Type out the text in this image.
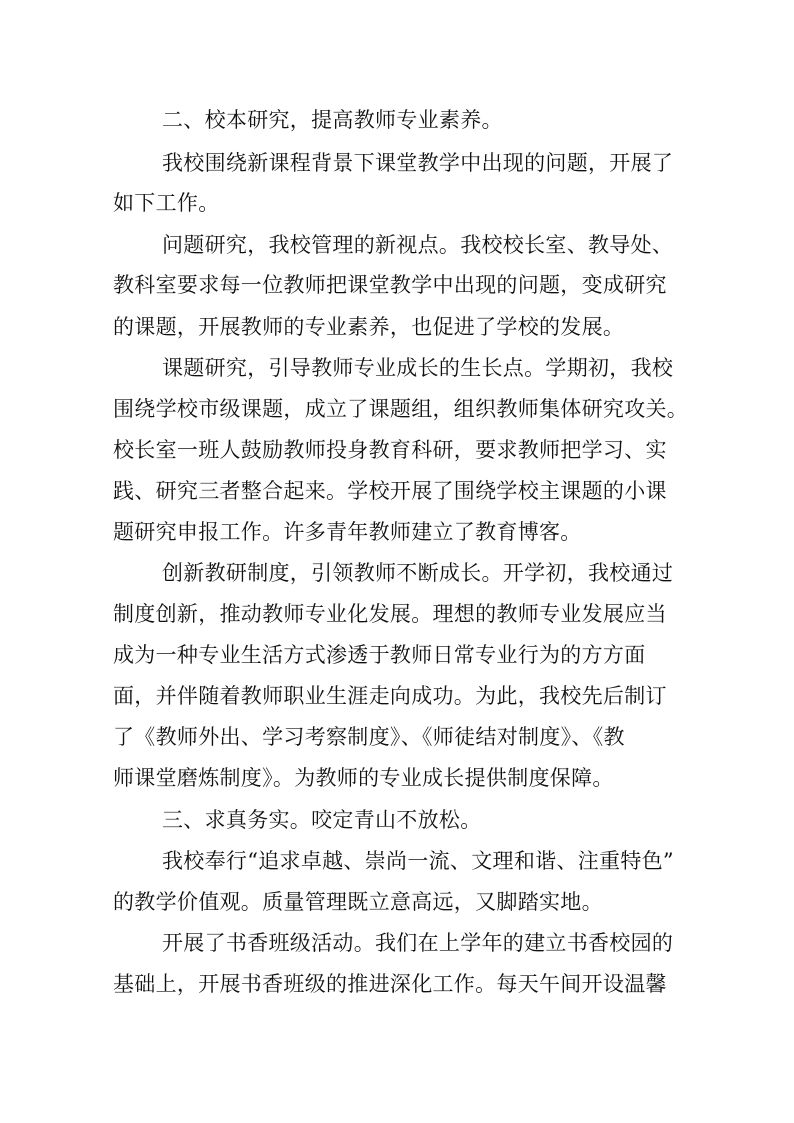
二、校本研究，提高教师专业素养。
我校围绕新课程背景下课堂教学中出现的问题，开展了
如下工作。
问题研究，我校管理的新视点。我校校长室、教导处、
教科室要求每一位教师把课堂教学中出现的问题，变成研究
的课题，开展教师的专业素养，也促进了学校的发展。
课题研究，引导教师专业成长的生长点。学期初，我校
围绕学校市级课题，成立了课题组，组织教师集体研究攻关。
校长室一班人鼓励教师投身教育科研，要求教师把学习、实
践、研究三者整合起来。学校开展了围绕学校主课题的小课
题研究申报工作。许多青年教师建立了教育博客。
创新教研制度，引领教师不断成长。开学初，我校通过
制度创新，推动教师专业化发展。理想的教师专业发展应当
成为一种专业生活方式渗透于教师日常专业行为的方方面
面，并伴随着教师职业生涯走向成功。为此，我校先后制订
了《教师外出、学习考察制度》、《师徒结对制度》、《教
师课堂磨炼制度》。为教师的专业成长提供制度保障。
三、求真务实。咬定青山不放松。
我校奉行“追求卓越、崇尚一流、文理和谐、注重特色”
的教学价值观。质量管理既立意高远，又脚踏实地。
开展了书香班级活动。我们在上学年的建立书香校园的
基础上，开展书香班级的推进深化工作。每天午间开设温馨
